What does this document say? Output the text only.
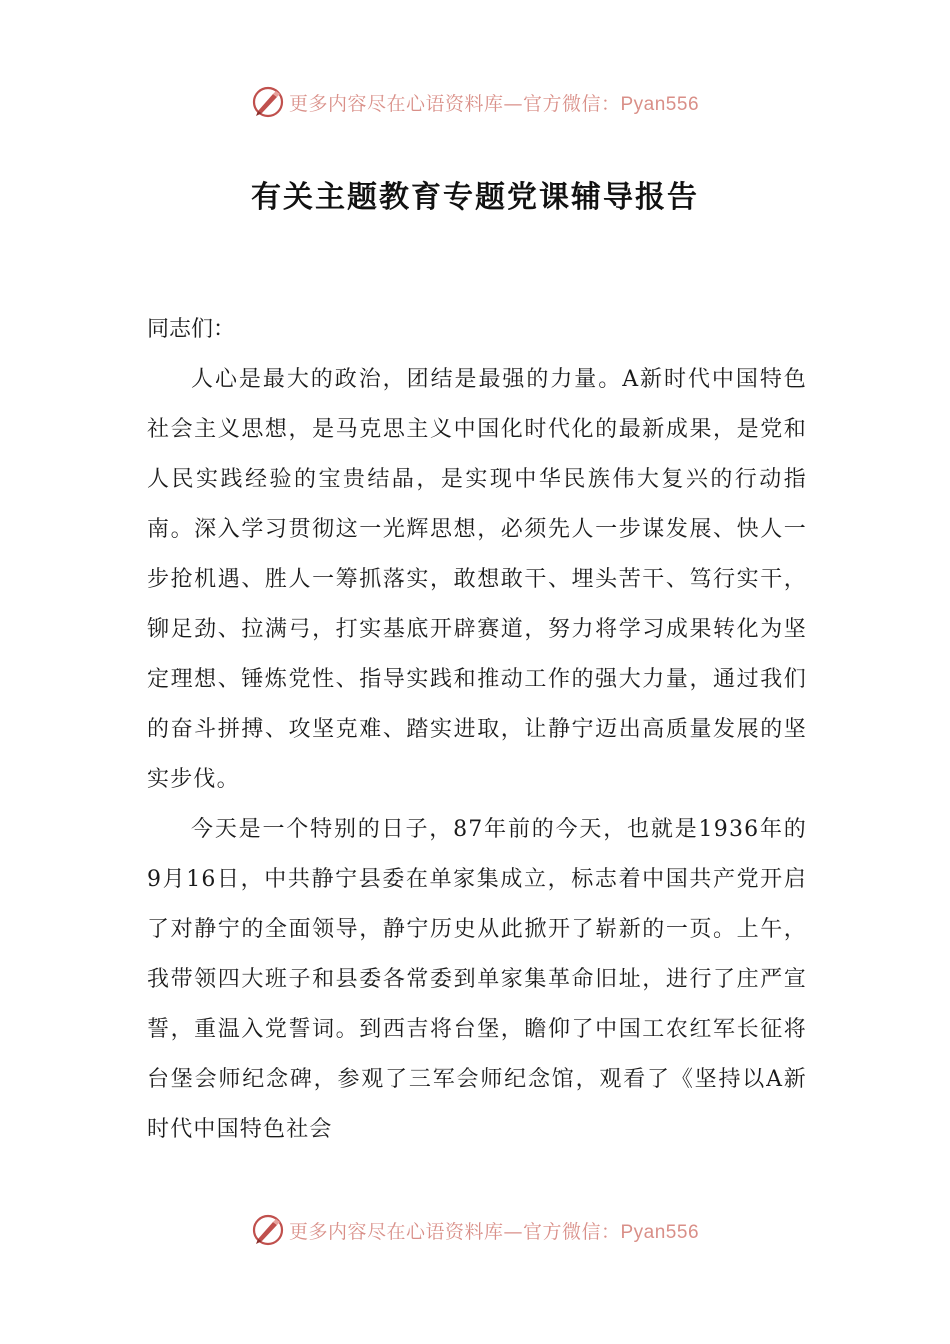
更多内容尽在心语资料库—官方微信：Pyan556
有关主题教育专题党课辅导报告

同志们：

人心是最大的政治，团结是最强的力量。A新时代中国特色社会主义思想，是马克思主义中国化时代化的最新成果，是党和人民实践经验的宝贵结晶，是实现中华民族伟大复兴的行动指南。深入学习贯彻这一光辉思想，必须先人一步谋发展、快人一步抢机遇、胜人一筹抓落实，敢想敢干、埋头苦干、笃行实干，铆足劲、拉满弓，打实基底开辟赛道，努力将学习成果转化为坚定理想、锤炼党性、指导实践和推动工作的强大力量，通过我们的奋斗拼搏、攻坚克难、踏实进取，让静宁迈出高质量发展的坚实步伐。

今天是一个特别的日子，87年前的今天，也就是1936年的9月16日，中共静宁县委在单家集成立，标志着中国共产党开启了对静宁的全面领导，静宁历史从此掀开了崭新的一页。上午，我带领四大班子和县委各常委到单家集革命旧址，进行了庄严宣誓，重温入党誓词。到西吉将台堡，瞻仰了中国工农红军长征将台堡会师纪念碑，参观了三军会师纪念馆，观看了《坚持以A新时代中国特色社会

更多内容尽在心语资料库—官方微信：Pyan556
